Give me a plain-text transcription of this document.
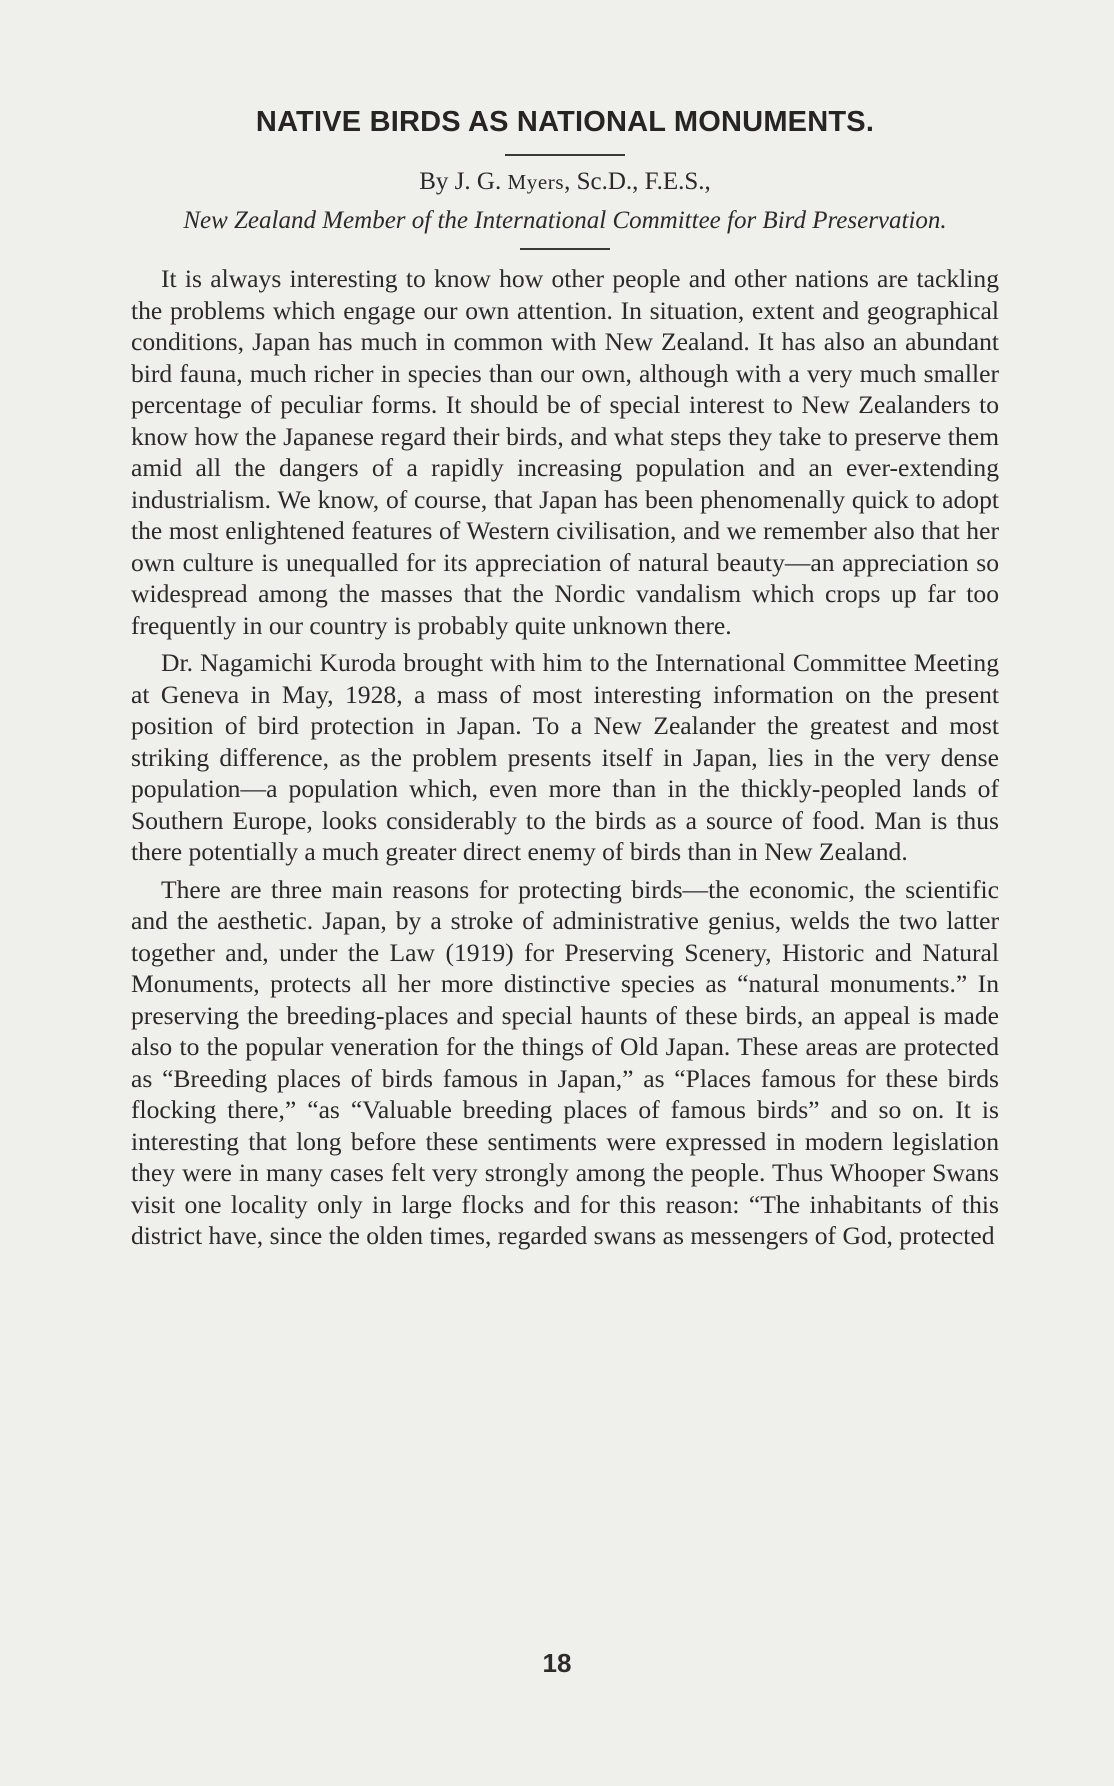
NATIVE BIRDS AS NATIONAL MONUMENTS.
By J. G. Myers, Sc.D., F.E.S.,
New Zealand Member of the International Committee for Bird Preservation.

It is always interesting to know how other people and other nations are tackling the problems which engage our own attention. In situation, extent and geographical conditions, Japan has much in common with New Zealand. It has also an abundant bird fauna, much richer in species than our own, although with a very much smaller percentage of peculiar forms. It should be of special interest to New Zealanders to know how the Japanese regard their birds, and what steps they take to preserve them amid all the dangers of a rapidly increasing population and an ever-extending industrialism. We know, of course, that Japan has been phenomenally quick to adopt the most enlightened features of Western civilisation, and we remember also that her own culture is unequalled for its appreciation of natural beauty—an appreciation so widespread among the masses that the Nordic vandalism which crops up far too frequently in our country is probably quite unknown there.

Dr. Nagamichi Kuroda brought with him to the International Committee Meeting at Geneva in May, 1928, a mass of most interesting information on the present position of bird protection in Japan. To a New Zealander the greatest and most striking difference, as the problem presents itself in Japan, lies in the very dense population—a population which, even more than in the thickly-peopled lands of Southern Europe, looks considerably to the birds as a source of food. Man is thus there potentially a much greater direct enemy of birds than in New Zealand.

There are three main reasons for protecting birds—the economic, the scientific and the aesthetic. Japan, by a stroke of administrative genius, welds the two latter together and, under the Law (1919) for Preserving Scenery, Historic and Natural Monuments, protects all her more distinctive species as “natural monuments.” In preserving the breeding-places and special haunts of these birds, an appeal is made also to the popular veneration for the things of Old Japan. These areas are protected as “Breeding places of birds famous in Japan,” as “Places famous for these birds flocking there,” “as “Valuable breeding places of famous birds” and so on. It is interesting that long before these sentiments were expressed in modern legislation they were in many cases felt very strongly among the people. Thus Whooper Swans visit one locality only in large flocks and for this reason: “The inhabitants of this district have, since the olden times, regarded swans as messengers of God, protected

18
